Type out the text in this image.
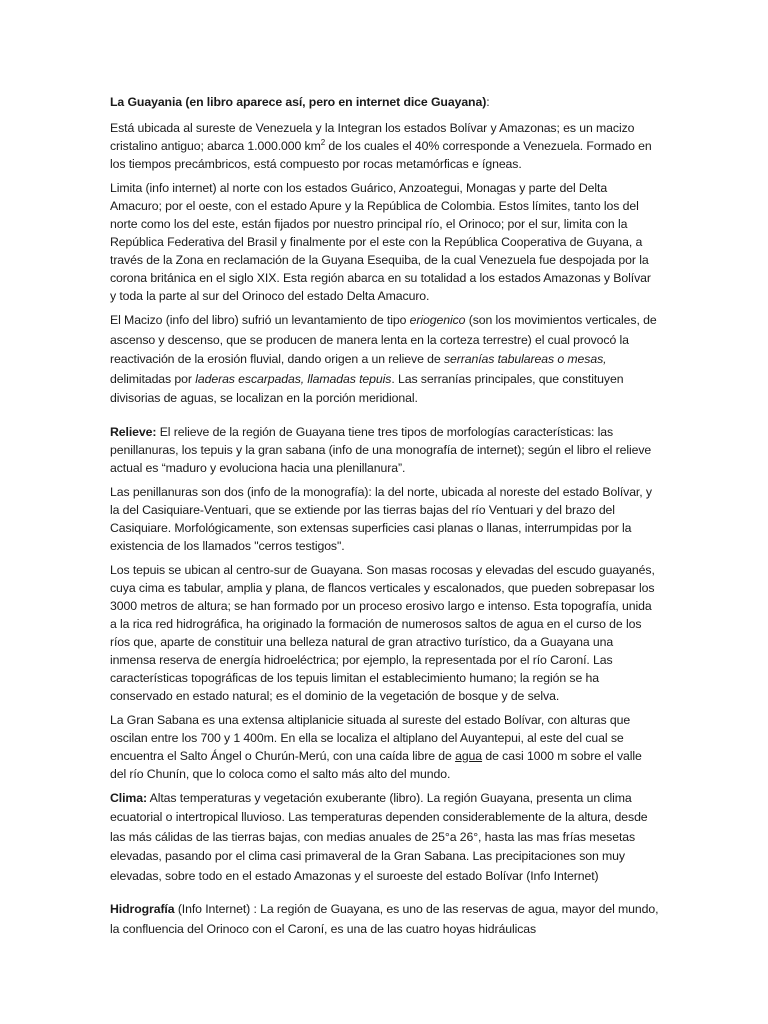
La Guayania (en libro aparece así, pero en internet dice Guayana):

Está ubicada al sureste de Venezuela y la Integran los estados Bolívar y Amazonas; es un macizo cristalino antiguo; abarca 1.000.000 $km^2$ de los cuales el 40% corresponde a Venezuela. Formado en los tiempos precámbricos, está compuesto por rocas metamórficas e ígneas.

Limita (info internet) al norte con los estados Guárico, Anzoategui, Monagas y parte del Delta Amacuro; por el oeste, con el estado Apure y la República de Colombia. Estos límites, tanto los del norte como los del este, están fijados por nuestro principal río, el Orinoco; por el sur, limita con la República Federativa del Brasil y finalmente por el este con la República Cooperativa de Guyana, a través de la Zona en reclamación de la Guyana Esequiba, de la cual Venezuela fue despojada por la corona británica en el siglo XIX. Esta región abarca en su totalidad a los estados Amazonas y Bolívar y toda la parte al sur del Orinoco del estado Delta Amacuro.

El Macizo (info del libro) sufrió un levantamiento de tipo eriogenico (son los movimientos verticales, de ascenso y descenso, que se producen de manera lenta en la corteza terrestre) el cual provocó la reactivación de la erosión fluvial, dando origen a un relieve de serranías tabulareas o mesas, delimitadas por laderas escarpadas, llamadas tepuis. Las serranías principales, que constituyen divisorias de aguas, se localizan en la porción meridional.

Relieve: El relieve de la región de Guayana tiene tres tipos de morfologías características: las penillanuras, los tepuis y la gran sabana (info de una monografía de internet); según el libro el relieve actual es “maduro y evoluciona hacia una plenillanura”.

Las penillanuras son dos (info de la monografía): la del norte, ubicada al noreste del estado Bolívar, y la del Casiquiare-Ventuari, que se extiende por las tierras bajas del río Ventuari y del brazo del Casiquiare. Morfológicamente, son extensas superficies casi planas o llanas, interrumpidas por la existencia de los llamados "cerros testigos".

Los tepuis se ubican al centro-sur de Guayana. Son masas rocosas y elevadas del escudo guayanés, cuya cima es tabular, amplia y plana, de flancos verticales y escalonados, que pueden sobrepasar los 3000 metros de altura; se han formado por un proceso erosivo largo e intenso. Esta topografía, unida a la rica red hidrográfica, ha originado la formación de numerosos saltos de agua en el curso de los ríos que, aparte de constituir una belleza natural de gran atractivo turístico, da a Guayana una inmensa reserva de energía hidroeléctrica; por ejemplo, la representada por el río Caroní. Las características topográficas de los tepuis limitan el establecimiento humano; la región se ha conservado en estado natural; es el dominio de la vegetación de bosque y de selva.

La Gran Sabana es una extensa altiplanicie situada al sureste del estado Bolívar, con alturas que oscilan entre los 700 y 1 400m. En ella se localiza el altiplano del Auyantepui, al este del cual se encuentra el Salto Ángel o Churún-Merú, con una caída libre de agua de casi 1000 m sobre el valle del río Chunín, que lo coloca como el salto más alto del mundo.

Clima: Altas temperaturas y vegetación exuberante (libro). La región Guayana, presenta un clima ecuatorial o intertropical lluvioso. Las temperaturas dependen considerablemente de la altura, desde las más cálidas de las tierras bajas, con medias anuales de 25°a 26°, hasta las mas frías mesetas elevadas, pasando por el clima casi primaveral de la Gran Sabana. Las precipitaciones son muy elevadas, sobre todo en el estado Amazonas y el suroeste del estado Bolívar (Info Internet)

Hidrografía (Info Internet) : La región de Guayana, es uno de las reservas de agua, mayor del mundo, la confluencia del Orinoco con el Caroní, es una de las cuatro hoyas hidráulicas
